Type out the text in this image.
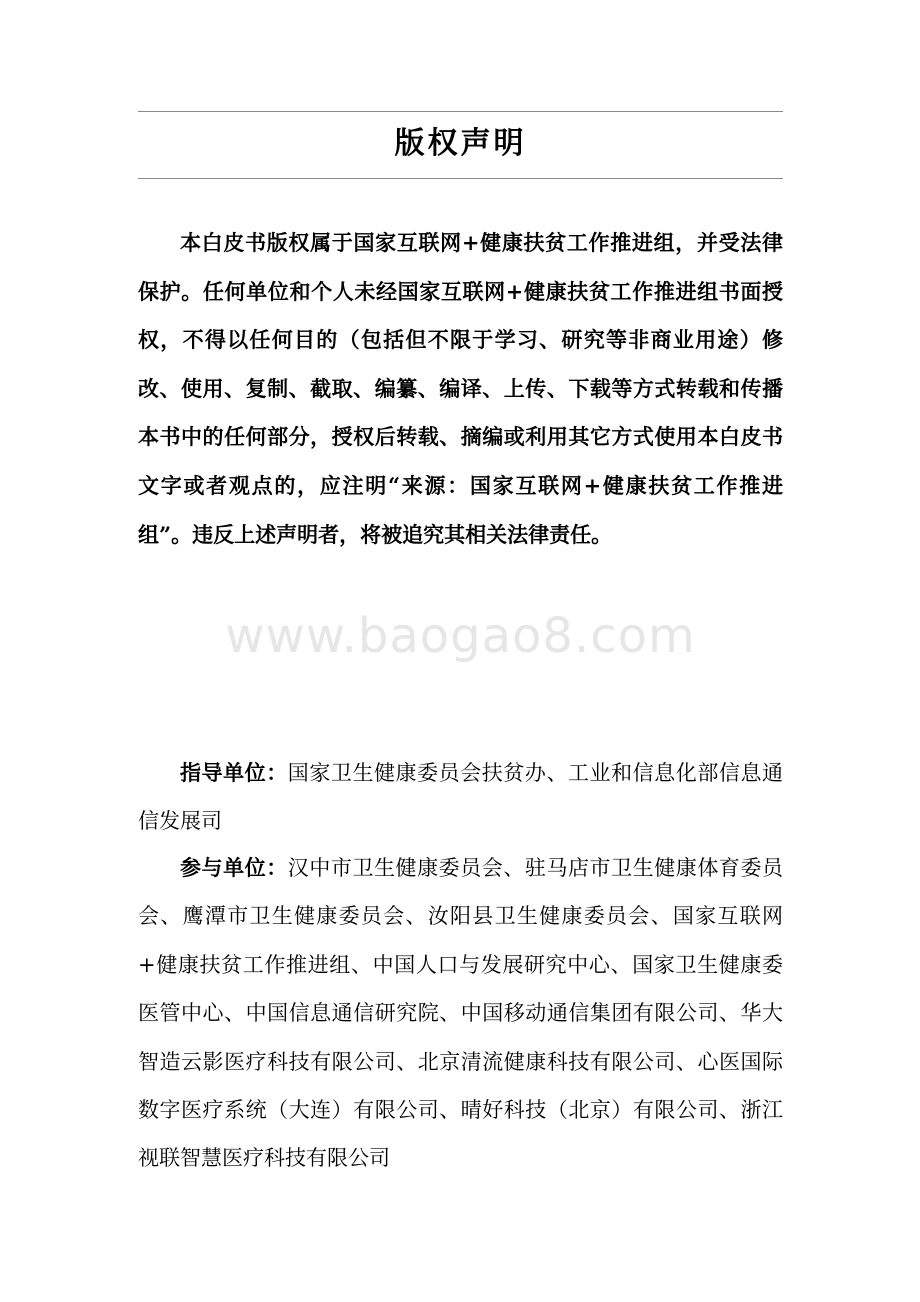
版权声明

本白皮书版权属于国家互联网+健康扶贫工作推进组，并受法律保护。任何单位和个人未经国家互联网+健康扶贫工作推进组书面授权，不得以任何目的（包括但不限于学习、研究等非商业用途）修改、使用、复制、截取、编纂、编译、上传、下载等方式转载和传播本书中的任何部分，授权后转载、摘编或利用其它方式使用本白皮书文字或者观点的，应注明“来源：国家互联网+健康扶贫工作推进组”。违反上述声明者，将被追究其相关法律责任。

www.baogao8.com

指导单位：国家卫生健康委员会扶贫办、工业和信息化部信息通信发展司

参与单位：汉中市卫生健康委员会、驻马店市卫生健康体育委员会、鹰潭市卫生健康委员会、汝阳县卫生健康委员会、国家互联网+健康扶贫工作推进组、中国人口与发展研究中心、国家卫生健康委医管中心、中国信息通信研究院、中国移动通信集团有限公司、华大智造云影医疗科技有限公司、北京清流健康科技有限公司、心医国际数字医疗系统（大连）有限公司、晴好科技（北京）有限公司、浙江视联智慧医疗科技有限公司
